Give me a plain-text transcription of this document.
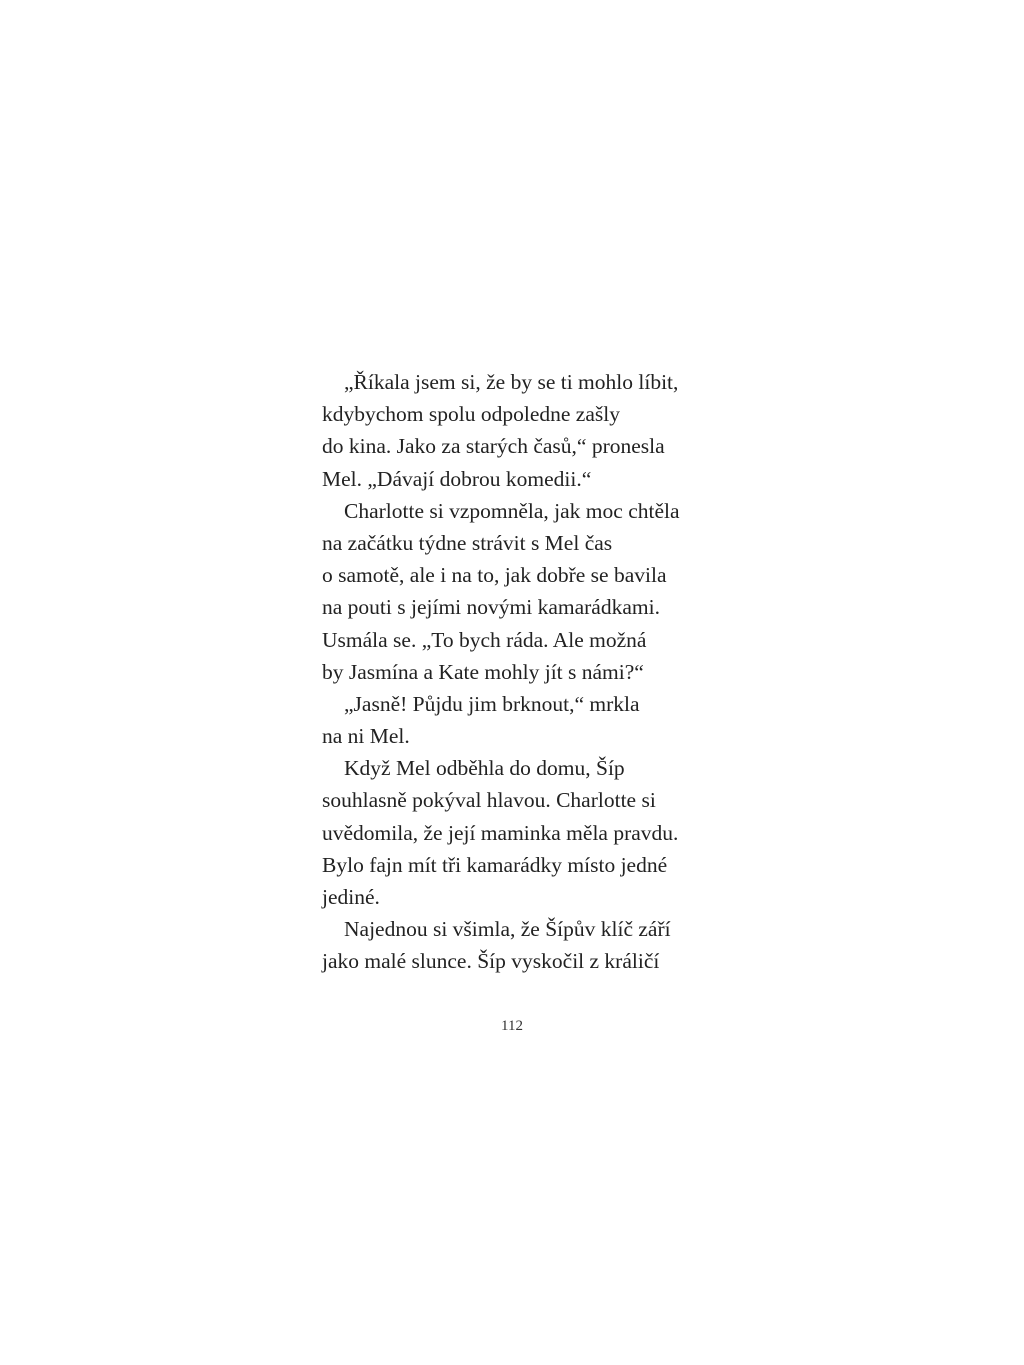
„Říkala jsem si, že by se ti mohlo líbit,
kdybychom spolu odpoledne zašly
do kina. Jako za starých časů,“ pronesla
Mel. „Dávají dobrou komedii.“
Charlotte si vzpomněla, jak moc chtěla
na začátku týdne strávit s Mel čas
o samotě, ale i na to, jak dobře se bavila
na pouti s jejími novými kamarádkami.
Usmála se. „To bych ráda. Ale možná
by Jasmína a Kate mohly jít s námi?“
„Jasně! Půjdu jim brknout,“ mrkla
na ni Mel.
Když Mel odběhla do domu, Šíp
souhlasně pokýval hlavou. Charlotte si
uvědomila, že její maminka měla pravdu.
Bylo fajn mít tři kamarádky místo jedné
jediné.
Najednou si všimla, že Šípův klíč září
jako malé slunce. Šíp vyskočil z králičí
112
